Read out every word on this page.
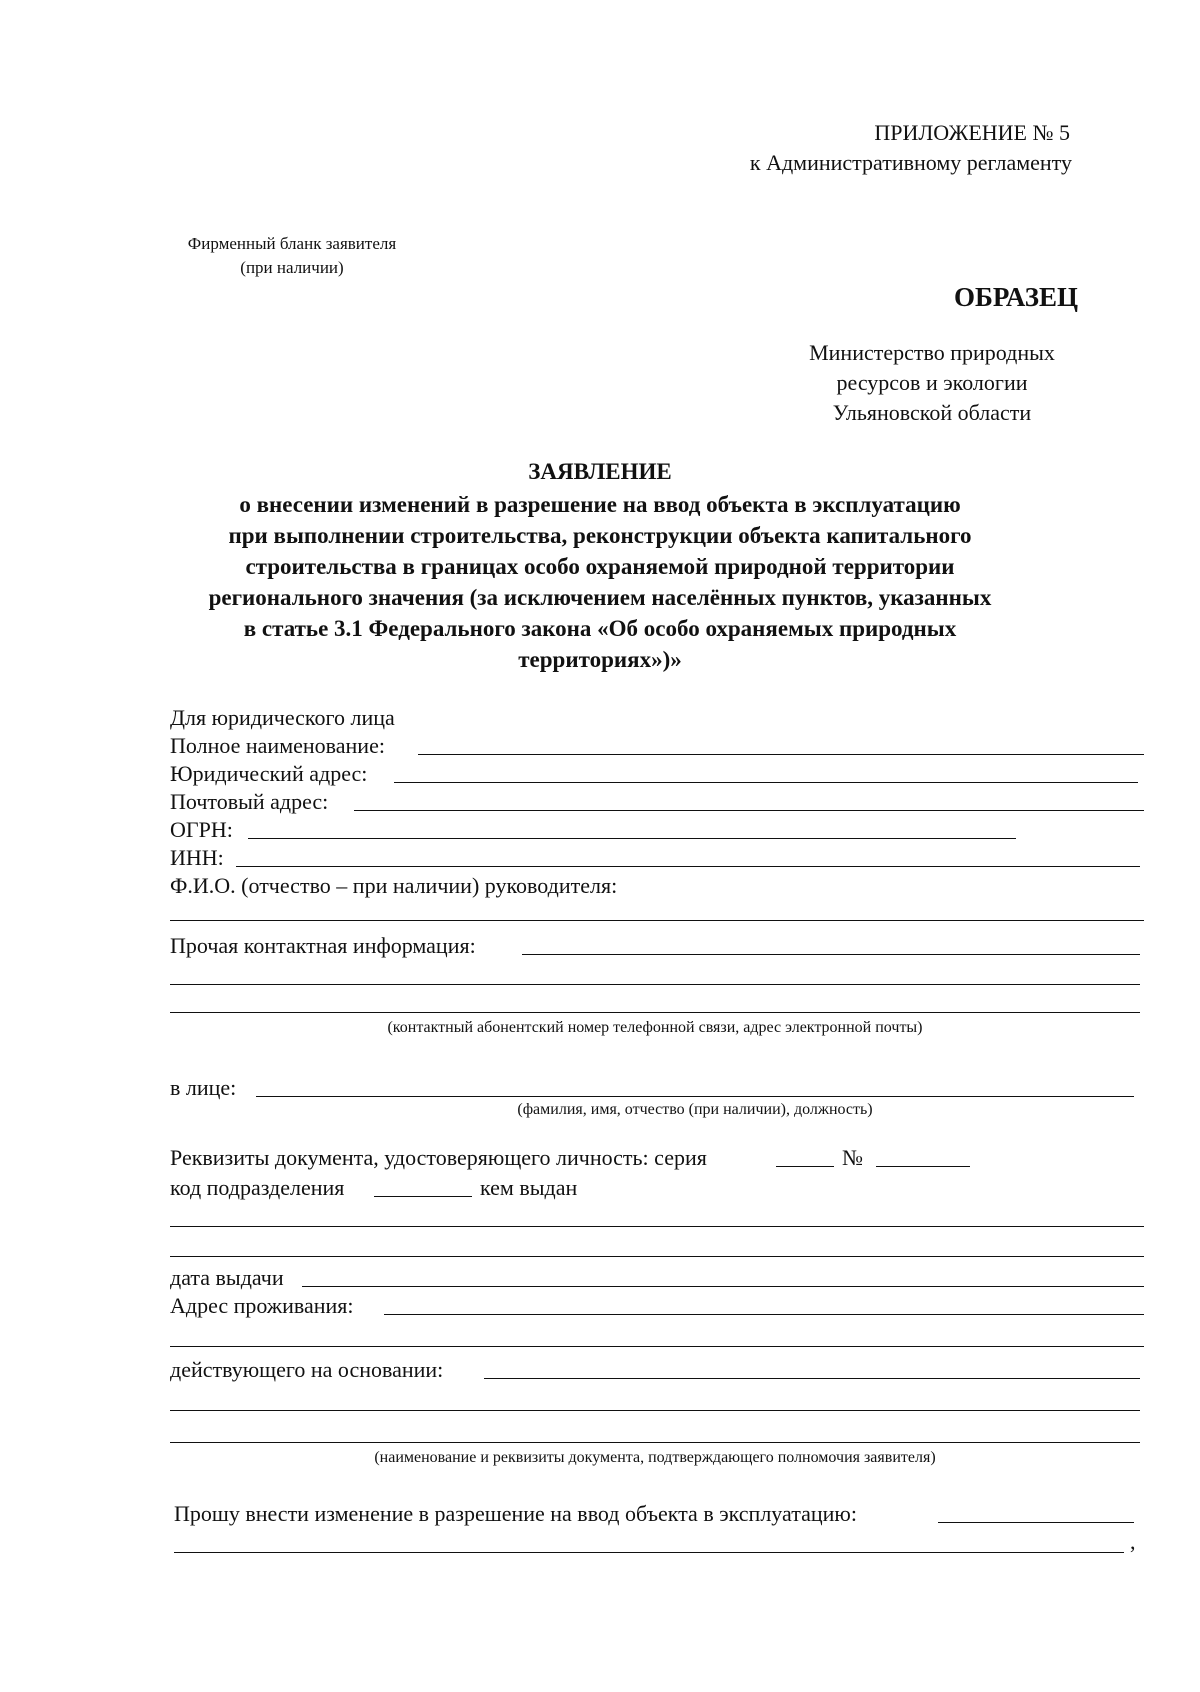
ПРИЛОЖЕНИЕ № 5
к Административному регламенту
Фирменный бланк заявителя
(при наличии)
ОБРАЗЕЦ
Министерство природных
ресурсов и экологии
Ульяновской области
ЗАЯВЛЕНИЕ
о внесении изменений в разрешение на ввод объекта в эксплуатацию
при выполнении строительства, реконструкции объекта капитального
строительства в границах особо охраняемой природной территории
регионального значения (за исключением населённых пунктов, указанных
в статье 3.1 Федерального закона «Об особо охраняемых природных
территориях»)»
Для юридического лица
Полное наименование:
Юридический адрес:
Почтовый адрес:
ОГРН:
ИНН:
Ф.И.О. (отчество – при наличии) руководителя:
Прочая контактная информация:
(контактный абонентский номер телефонной связи, адрес электронной почты)
в лице:
(фамилия, имя, отчество (при наличии), должность)
Реквизиты документа, удостоверяющего личность: серия	№
код подразделения	кем выдан
дата выдачи
Адрес проживания:
действующего на основании:
(наименование и реквизиты документа, подтверждающего полномочия заявителя)
Прошу внести изменение в разрешение на ввод объекта в эксплуатацию:
,
